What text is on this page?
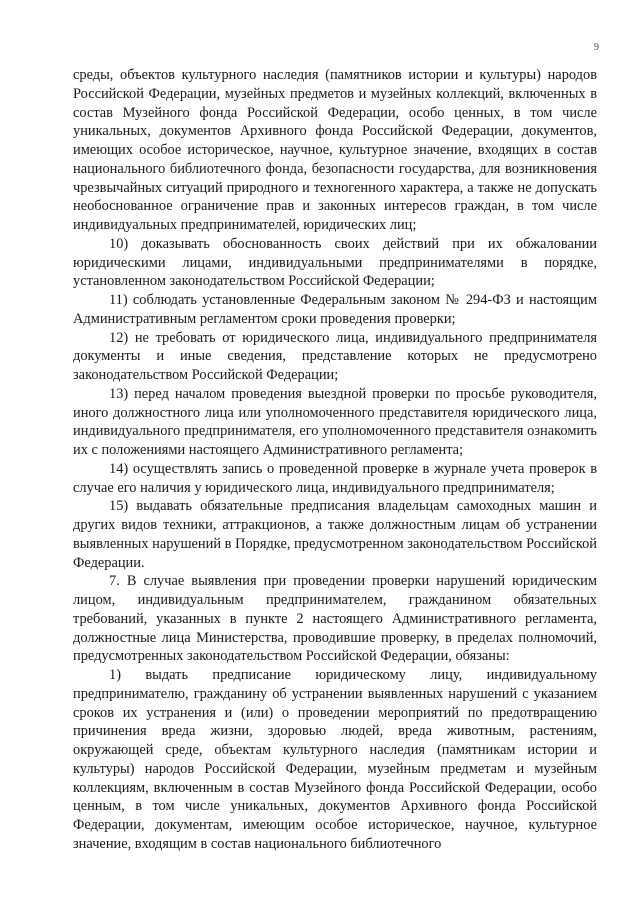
9

среды, объектов культурного наследия (памятников истории и культуры) народов Российской Федерации, музейных предметов и музейных коллекций, включенных в состав Музейного фонда Российской Федерации, особо ценных, в том числе уникальных, документов Архивного фонда Российской Федерации, документов, имеющих особое историческое, научное, культурное значение, входящих в состав национального библиотечного фонда, безопасности государства, для возникновения чрезвычайных ситуаций природного и техногенного характера, а также не допускать необоснованное ограничение прав и законных интересов граждан, в том числе индивидуальных предпринимателей, юридических лиц;

10) доказывать обоснованность своих действий при их обжаловании юридическими лицами, индивидуальными предпринимателями в порядке, установленном законодательством Российской Федерации;

11) соблюдать установленные Федеральным законом № 294-ФЗ и настоящим Административным регламентом сроки проведения проверки;

12) не требовать от юридического лица, индивидуального предпринимателя документы и иные сведения, представление которых не предусмотрено законодательством Российской Федерации;

13) перед началом проведения выездной проверки по просьбе руководителя, иного должностного лица или уполномоченного представителя юридического лица, индивидуального предпринимателя, его уполномоченного представителя ознакомить их с положениями настоящего Административного регламента;

14) осуществлять запись о проведенной проверке в журнале учета проверок в случае его наличия у юридического лица, индивидуального предпринимателя;

15) выдавать обязательные предписания владельцам самоходных машин и других видов техники, аттракционов, а также должностным лицам об устранении выявленных нарушений в Порядке, предусмотренном законодательством Российской Федерации.

7. В случае выявления при проведении проверки нарушений юридическим лицом, индивидуальным предпринимателем, гражданином обязательных требований, указанных в пункте 2 настоящего Административного регламента, должностные лица Министерства, проводившие проверку, в пределах полномочий, предусмотренных законодательством Российской Федерации, обязаны:

1) выдать предписание юридическому лицу, индивидуальному предпринимателю, гражданину об устранении выявленных нарушений с указанием сроков их устранения и (или) о проведении мероприятий по предотвращению причинения вреда жизни, здоровью людей, вреда животным, растениям, окружающей среде, объектам культурного наследия (памятникам истории и культуры) народов Российской Федерации, музейным предметам и музейным коллекциям, включенным в состав Музейного фонда Российской Федерации, особо ценным, в том числе уникальных, документов Архивного фонда Российской Федерации, документам, имеющим особое историческое, научное, культурное значение, входящим в состав национального библиотечного
